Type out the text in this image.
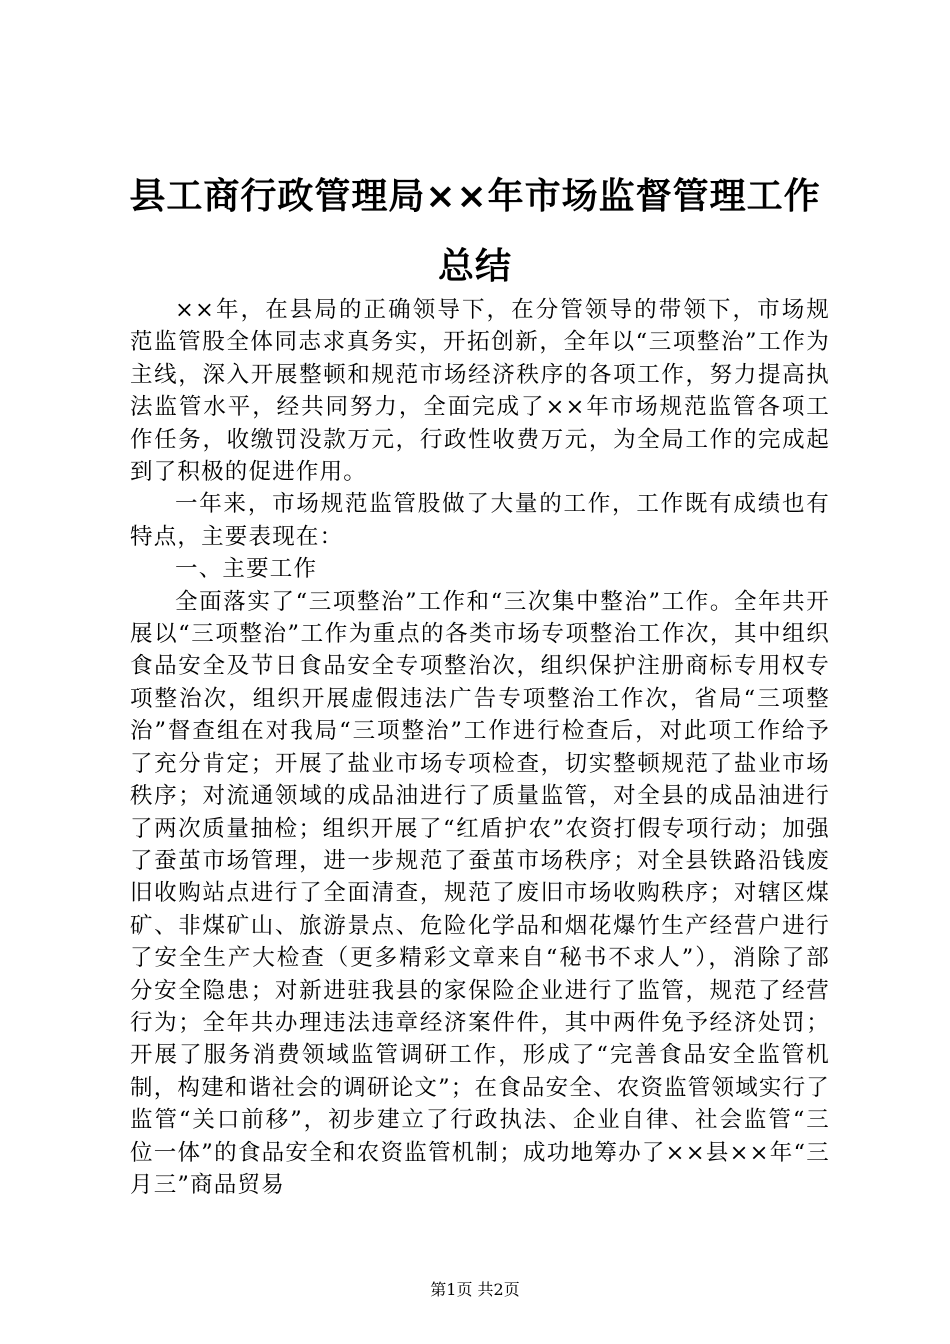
县工商行政管理局××年市场监督管理工作总结

××年，在县局的正确领导下，在分管领导的带领下，市场规范监管股全体同志求真务实，开拓创新，全年以“三项整治”工作为主线，深入开展整顿和规范市场经济秩序的各项工作，努力提高执法监管水平，经共同努力，全面完成了××年市场规范监管各项工作任务，收缴罚没款万元，行政性收费万元，为全局工作的完成起到了积极的促进作用。

一年来，市场规范监管股做了大量的工作，工作既有成绩也有特点，主要表现在：

一、主要工作

全面落实了“三项整治”工作和“三次集中整治”工作。全年共开展以“三项整治”工作为重点的各类市场专项整治工作次，其中组织食品安全及节日食品安全专项整治次，组织保护注册商标专用权专项整治次，组织开展虚假违法广告专项整治工作次，省局“三项整治”督查组在对我局“三项整治”工作进行检查后，对此项工作给予了充分肯定；开展了盐业市场专项检查，切实整顿规范了盐业市场秩序；对流通领域的成品油进行了质量监管，对全县的成品油进行了两次质量抽检；组织开展了“红盾护农”农资打假专项行动；加强了蚕茧市场管理，进一步规范了蚕茧市场秩序；对全县铁路沿钱废旧收购站点进行了全面清查，规范了废旧市场收购秩序；对辖区煤矿、非煤矿山、旅游景点、危险化学品和烟花爆竹生产经营户进行了安全生产大检查（更多精彩文章来自“秘书不求人”），消除了部分安全隐患；对新进驻我县的家保险企业进行了监管，规范了经营行为；全年共办理违法违章经济案件件，其中两件免予经济处罚；开展了服务消费领域监管调研工作，形成了“完善食品安全监管机制，构建和谐社会的调研论文”；在食品安全、农资监管领域实行了监管“关口前移”，初步建立了行政执法、企业自律、社会监管“三位一体”的食品安全和农资监管机制；成功地筹办了××县××年“三月三”商品贸易

第1页 共2页
